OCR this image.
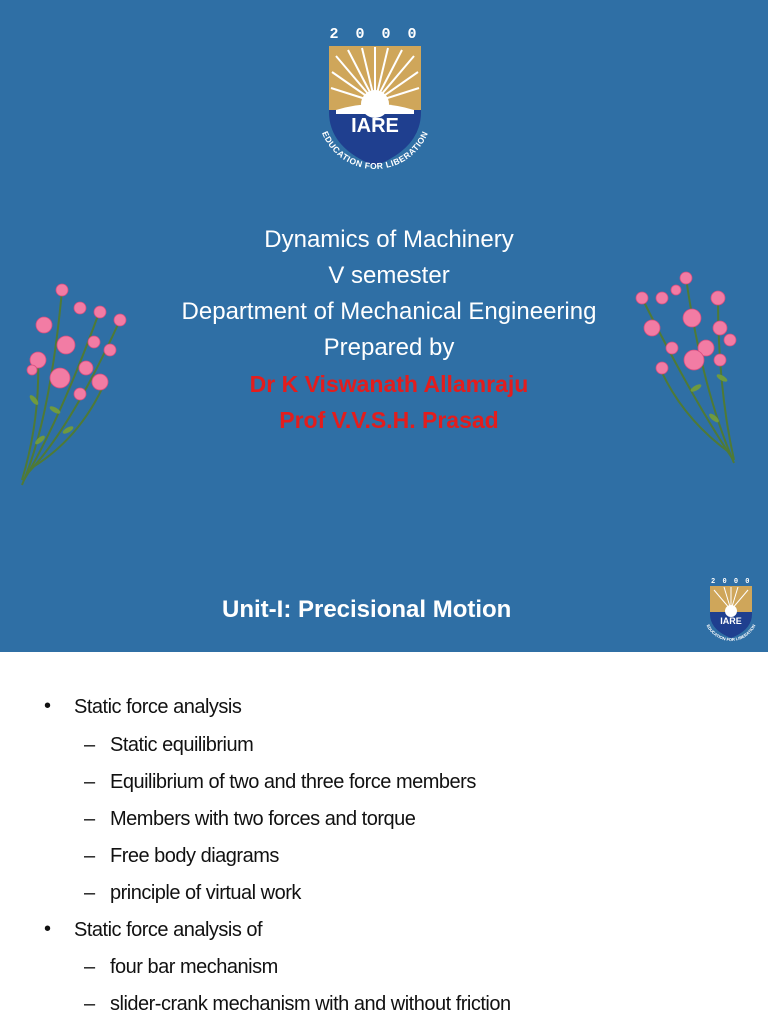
2 0 0 0
IARE
EDUCATION FOR LIBERATION
Dynamics of Machinery
V semester
Department of Mechanical Engineering
Prepared by
Dr K Viswanath Allamraju
Prof V.V.S.H. Prasad
Unit-I: Precisional Motion
2 0 0 0
IARE
EDUCATION FOR LIBERATION
• Static force analysis
– Static equilibrium
– Equilibrium of two and three force members
– Members with two forces and torque
– Free body diagrams
– principle of virtual work
• Static force analysis of
– four bar mechanism
– slider-crank mechanism with and without friction
